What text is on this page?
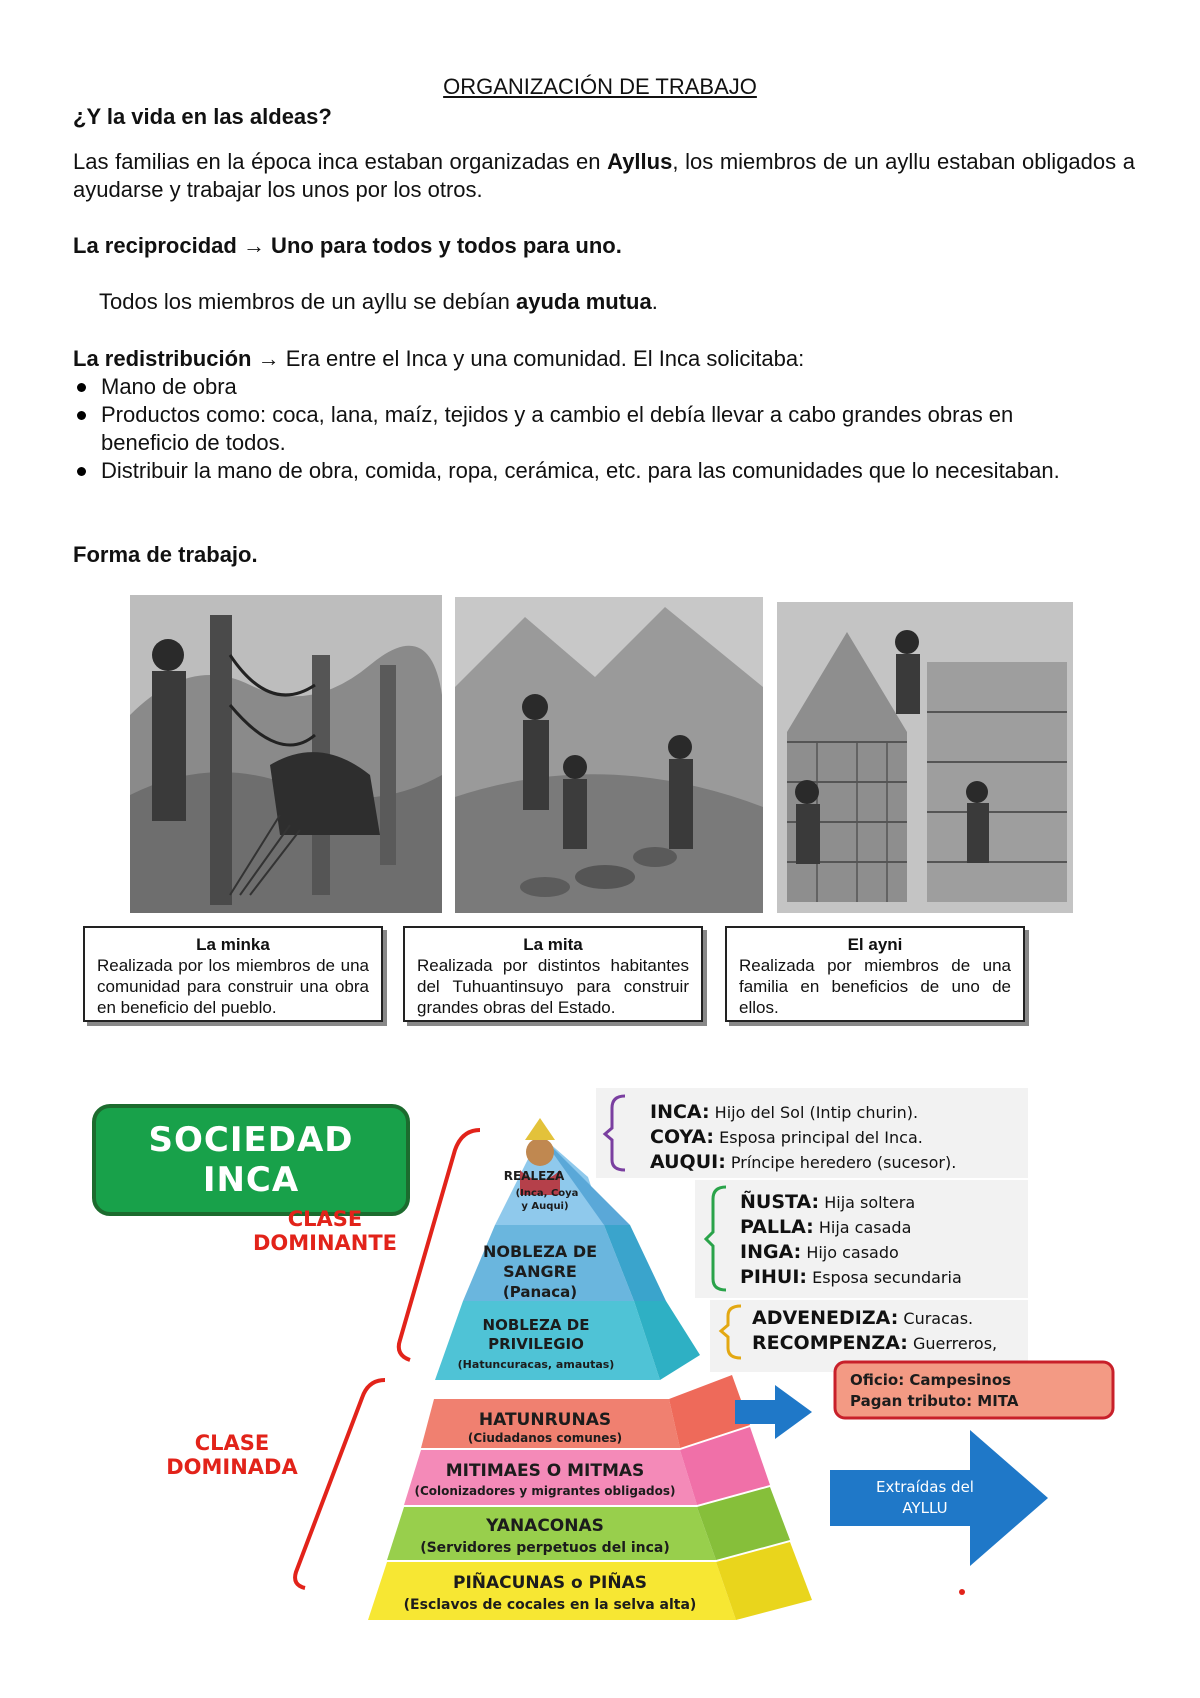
ORGANIZACIÓN DE TRABAJO
¿Y la vida en las aldeas?
Las familias en la época inca estaban organizadas en Ayllus, los miembros de un ayllu estaban obligados a ayudarse y trabajar los unos por los otros.
La reciprocidad → Uno para todos y todos para uno.
Todos los miembros de un ayllu se debían ayuda mutua.
La redistribución → Era entre el Inca y una comunidad. El Inca solicitaba:
Mano de obra
Productos como: coca, lana, maíz, tejidos y a cambio el debía llevar a cabo grandes obras en beneficio de todos.
Distribuir la mano de obra, comida, ropa, cerámica, etc. para las comunidades que lo necesitaban.
Forma de trabajo.
La minka
Realizada por los miembros de una comunidad para construir una obra en beneficio del pueblo.
La mita
Realizada por distintos habitantes del Tuhuantinsuyo para construir grandes obras del Estado.
El ayni
Realizada por miembros de una familia en beneficios de uno de ellos.
SOCIEDAD
INCA
CLASE
DOMINANTE
CLASE
DOMINADA
REALEZA
(Inca, Coya
y Auqui)
NOBLEZA DE
SANGRE
(Panaca)
NOBLEZA DE
PRIVILEGIO
(Hatuncuracas, amautas)
HATUNRUNAS
(Ciudadanos comunes)
MITIMAES O MITMAS
(Colonizadores y migrantes obligados)
YANACONAS
(Servidores perpetuos del inca)
PIÑACUNAS o PIÑAS
(Esclavos de cocales en la selva alta)
Oficio: Campesinos
Pagan tributo: MITA
Extraídas del
AYLLU
INCA: Hijo del Sol (Intip churin).
COYA: Esposa principal del Inca.
AUQUI: Príncipe heredero (sucesor).
ÑUSTA: Hija soltera
PALLA: Hija casada
INGA: Hijo casado
PIHUI: Esposa secundaria
ADVENEDIZA: Curacas.
RECOMPENZA: Guerreros,
